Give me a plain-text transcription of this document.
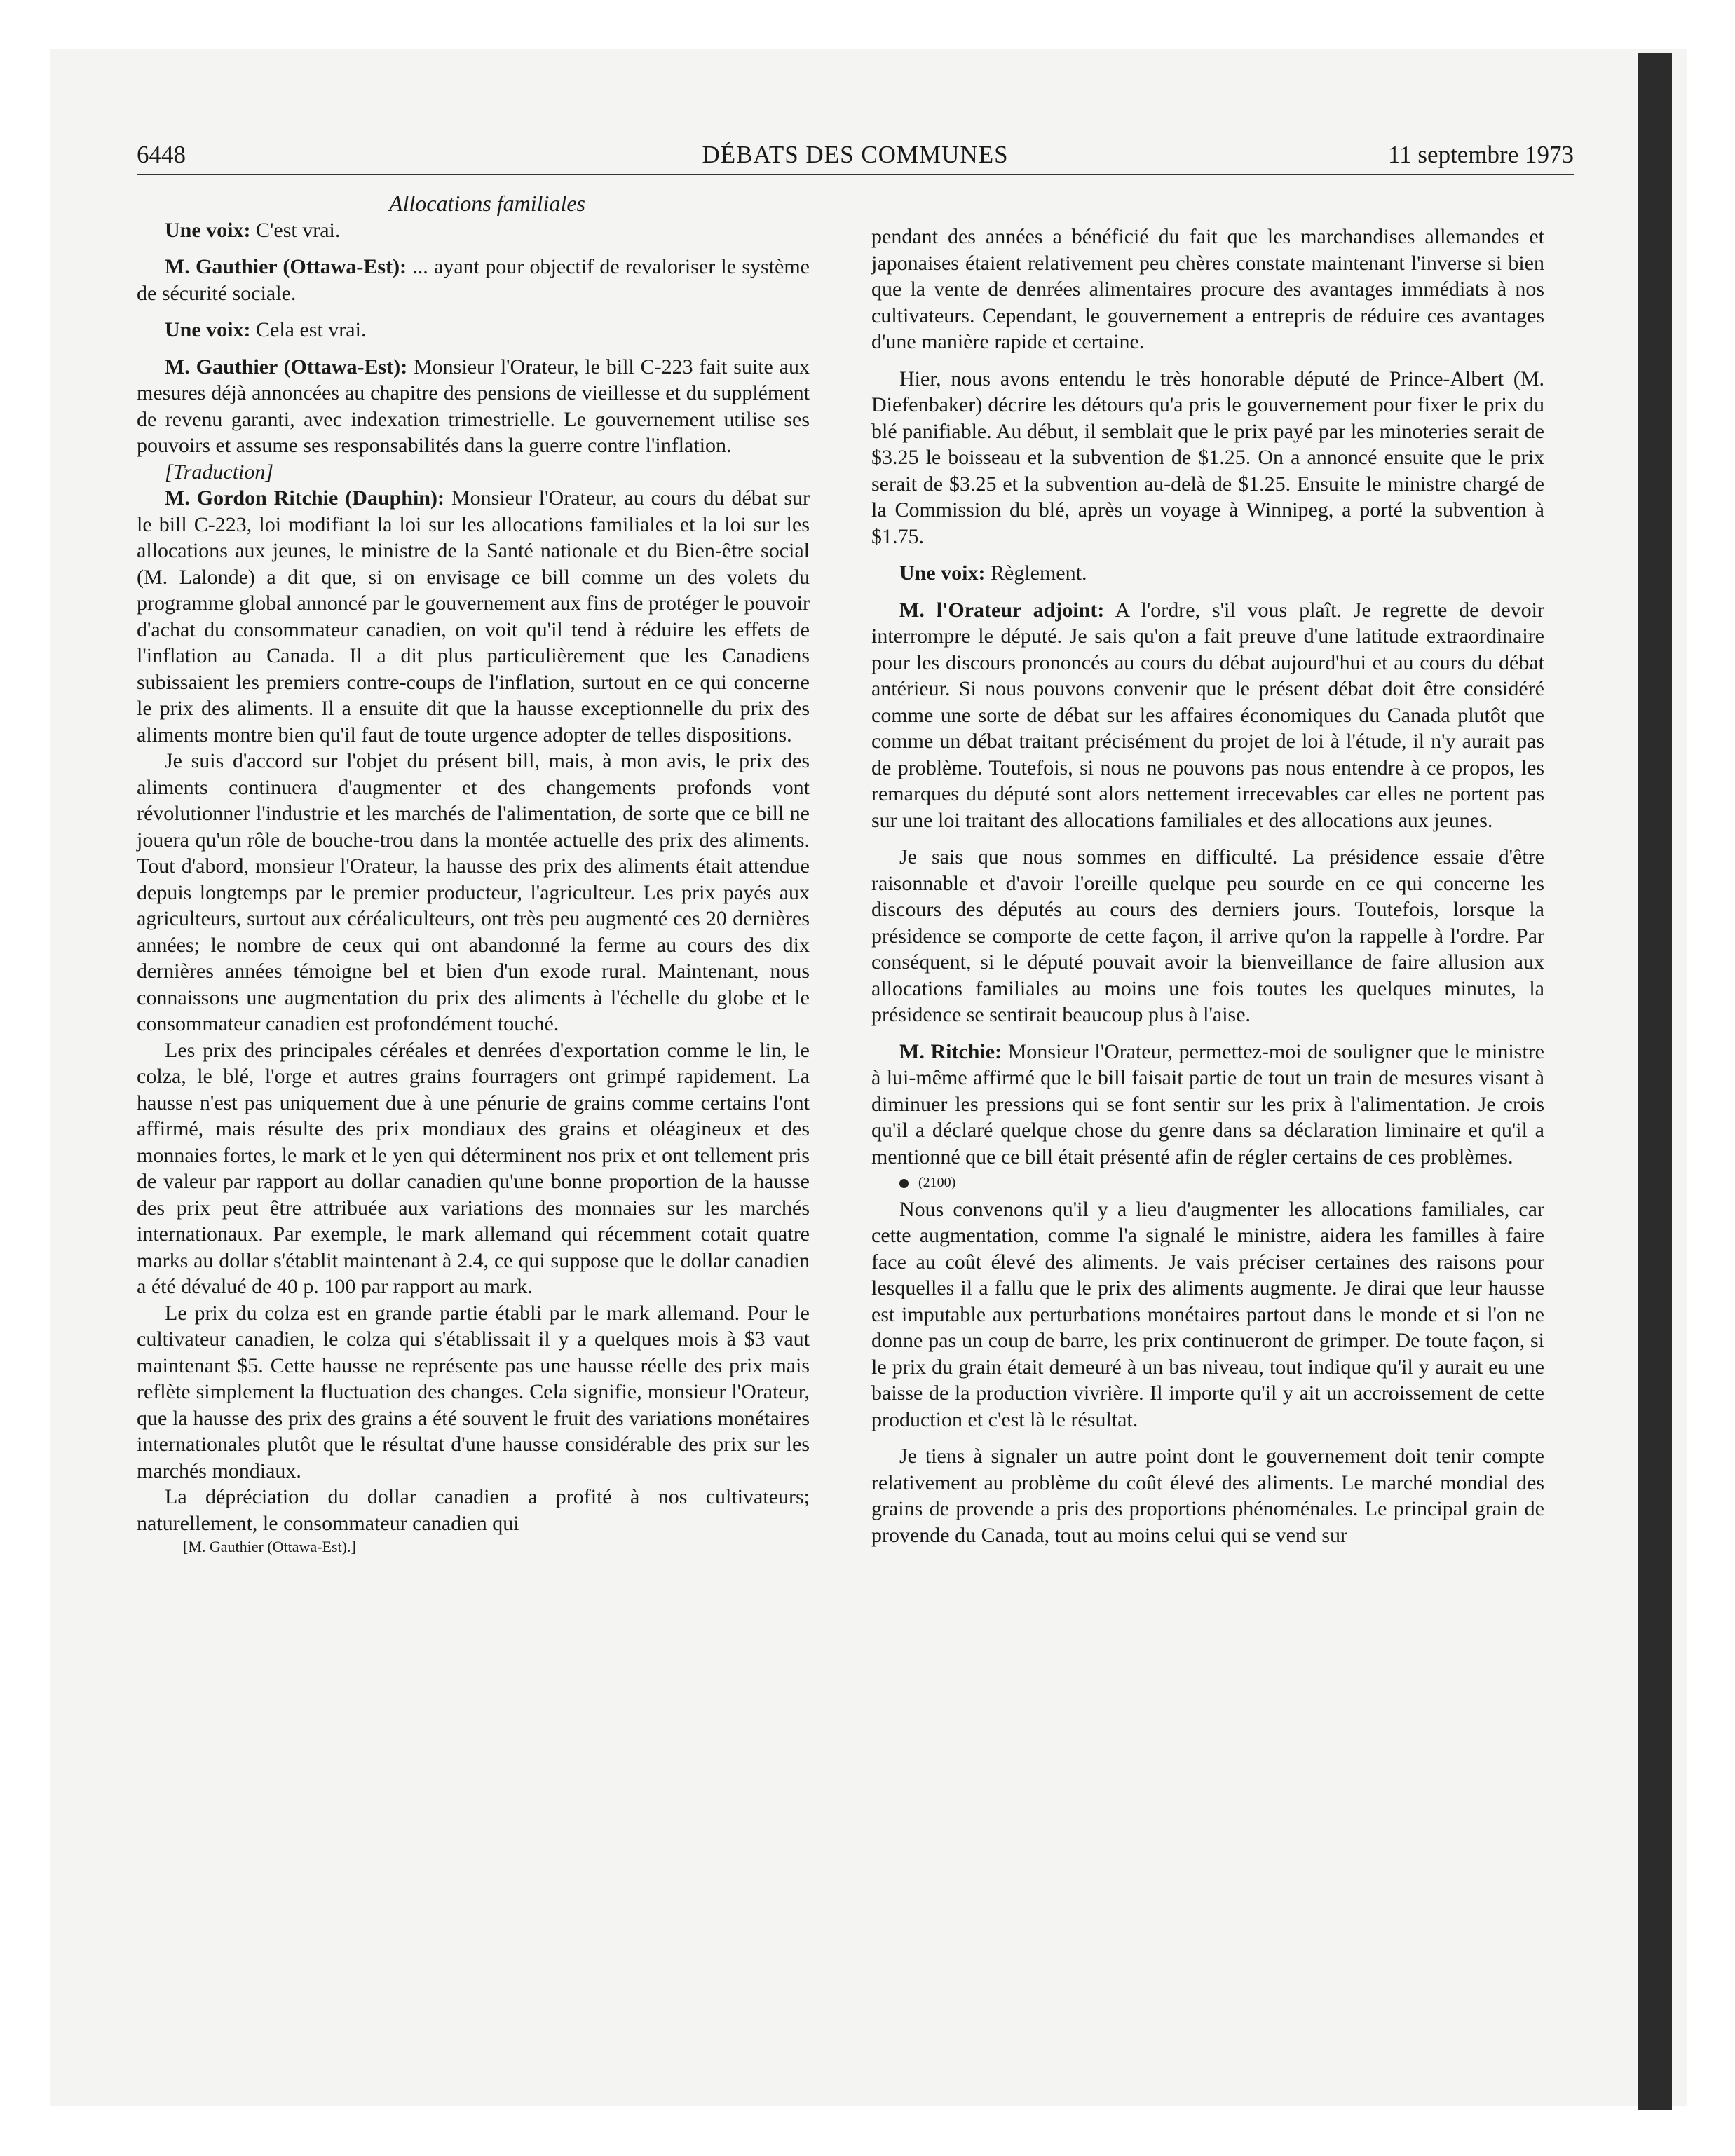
6448	DÉBATS DES COMMUNES	11 septembre 1973

Allocations familiales

Une voix: C'est vrai.

M. Gauthier (Ottawa-Est): ... ayant pour objectif de revaloriser le système de sécurité sociale.

Une voix: Cela est vrai.

M. Gauthier (Ottawa-Est): Monsieur l'Orateur, le bill C-223 fait suite aux mesures déjà annoncées au chapitre des pensions de vieillesse et du supplément de revenu garanti, avec indexation trimestrielle. Le gouvernement utilise ses pouvoirs et assume ses responsabilités dans la guerre contre l'inflation.

[Traduction]

M. Gordon Ritchie (Dauphin): Monsieur l'Orateur, au cours du débat sur le bill C-223, loi modifiant la loi sur les allocations familiales et la loi sur les allocations aux jeunes, le ministre de la Santé nationale et du Bien-être social (M. Lalonde) a dit que, si on envisage ce bill comme un des volets du programme global annoncé par le gouvernement aux fins de protéger le pouvoir d'achat du consommateur canadien, on voit qu'il tend à réduire les effets de l'inflation au Canada. Il a dit plus particulièrement que les Canadiens subissaient les premiers contre-coups de l'inflation, surtout en ce qui concerne le prix des aliments. Il a ensuite dit que la hausse exceptionnelle du prix des aliments montre bien qu'il faut de toute urgence adopter de telles dispositions.

Je suis d'accord sur l'objet du présent bill, mais, à mon avis, le prix des aliments continuera d'augmenter et des changements profonds vont révolutionner l'industrie et les marchés de l'alimentation, de sorte que ce bill ne jouera qu'un rôle de bouche-trou dans la montée actuelle des prix des aliments. Tout d'abord, monsieur l'Orateur, la hausse des prix des aliments était attendue depuis longtemps par le premier producteur, l'agriculteur. Les prix payés aux agriculteurs, surtout aux céréaliculteurs, ont très peu augmenté ces 20 dernières années; le nombre de ceux qui ont abandonné la ferme au cours des dix dernières années témoigne bel et bien d'un exode rural. Maintenant, nous connaissons une augmentation du prix des aliments à l'échelle du globe et le consommateur canadien est profondément touché.

Les prix des principales céréales et denrées d'exportation comme le lin, le colza, le blé, l'orge et autres grains fourragers ont grimpé rapidement. La hausse n'est pas uniquement due à une pénurie de grains comme certains l'ont affirmé, mais résulte des prix mondiaux des grains et oléagineux et des monnaies fortes, le mark et le yen qui déterminent nos prix et ont tellement pris de valeur par rapport au dollar canadien qu'une bonne proportion de la hausse des prix peut être attribuée aux variations des monnaies sur les marchés internationaux. Par exemple, le mark allemand qui récemment cotait quatre marks au dollar s'établit maintenant à 2.4, ce qui suppose que le dollar canadien a été dévalué de 40 p. 100 par rapport au mark.

Le prix du colza est en grande partie établi par le mark allemand. Pour le cultivateur canadien, le colza qui s'établissait il y a quelques mois à $3 vaut maintenant $5. Cette hausse ne représente pas une hausse réelle des prix mais reflète simplement la fluctuation des changes. Cela signifie, monsieur l'Orateur, que la hausse des prix des grains a été souvent le fruit des variations monétaires internationales plutôt que le résultat d'une hausse considérable des prix sur les marchés mondiaux.

La dépréciation du dollar canadien a profité à nos cultivateurs; naturellement, le consommateur canadien qui

[M. Gauthier (Ottawa-Est).]

pendant des années a bénéficié du fait que les marchandises allemandes et japonaises étaient relativement peu chères constate maintenant l'inverse si bien que la vente de denrées alimentaires procure des avantages immédiats à nos cultivateurs. Cependant, le gouvernement a entrepris de réduire ces avantages d'une manière rapide et certaine.

Hier, nous avons entendu le très honorable député de Prince-Albert (M. Diefenbaker) décrire les détours qu'a pris le gouvernement pour fixer le prix du blé panifiable. Au début, il semblait que le prix payé par les minoteries serait de $3.25 le boisseau et la subvention de $1.25. On a annoncé ensuite que le prix serait de $3.25 et la subvention au-delà de $1.25. Ensuite le ministre chargé de la Commission du blé, après un voyage à Winnipeg, a porté la subvention à $1.75.

Une voix: Règlement.

M. l'Orateur adjoint: A l'ordre, s'il vous plaît. Je regrette de devoir interrompre le député. Je sais qu'on a fait preuve d'une latitude extraordinaire pour les discours prononcés au cours du débat aujourd'hui et au cours du débat antérieur. Si nous pouvons convenir que le présent débat doit être considéré comme une sorte de débat sur les affaires économiques du Canada plutôt que comme un débat traitant précisément du projet de loi à l'étude, il n'y aurait pas de problème. Toutefois, si nous ne pouvons pas nous entendre à ce propos, les remarques du député sont alors nettement irrecevables car elles ne portent pas sur une loi traitant des allocations familiales et des allocations aux jeunes.

Je sais que nous sommes en difficulté. La présidence essaie d'être raisonnable et d'avoir l'oreille quelque peu sourde en ce qui concerne les discours des députés au cours des derniers jours. Toutefois, lorsque la présidence se comporte de cette façon, il arrive qu'on la rappelle à l'ordre. Par conséquent, si le député pouvait avoir la bienveillance de faire allusion aux allocations familiales au moins une fois toutes les quelques minutes, la présidence se sentirait beaucoup plus à l'aise.

M. Ritchie: Monsieur l'Orateur, permettez-moi de souligner que le ministre à lui-même affirmé que le bill faisait partie de tout un train de mesures visant à diminuer les pressions qui se font sentir sur les prix à l'alimentation. Je crois qu'il a déclaré quelque chose du genre dans sa déclaration liminaire et qu'il a mentionné que ce bill était présenté afin de régler certains de ces problèmes.

(2100)

Nous convenons qu'il y a lieu d'augmenter les allocations familiales, car cette augmentation, comme l'a signalé le ministre, aidera les familles à faire face au coût élevé des aliments. Je vais préciser certaines des raisons pour lesquelles il a fallu que le prix des aliments augmente. Je dirai que leur hausse est imputable aux perturbations monétaires partout dans le monde et si l'on ne donne pas un coup de barre, les prix continueront de grimper. De toute façon, si le prix du grain était demeuré à un bas niveau, tout indique qu'il y aurait eu une baisse de la production vivrière. Il importe qu'il y ait un accroissement de cette production et c'est là le résultat.

Je tiens à signaler un autre point dont le gouvernement doit tenir compte relativement au problème du coût élevé des aliments. Le marché mondial des grains de provende a pris des proportions phénoménales. Le principal grain de provende du Canada, tout au moins celui qui se vend sur
